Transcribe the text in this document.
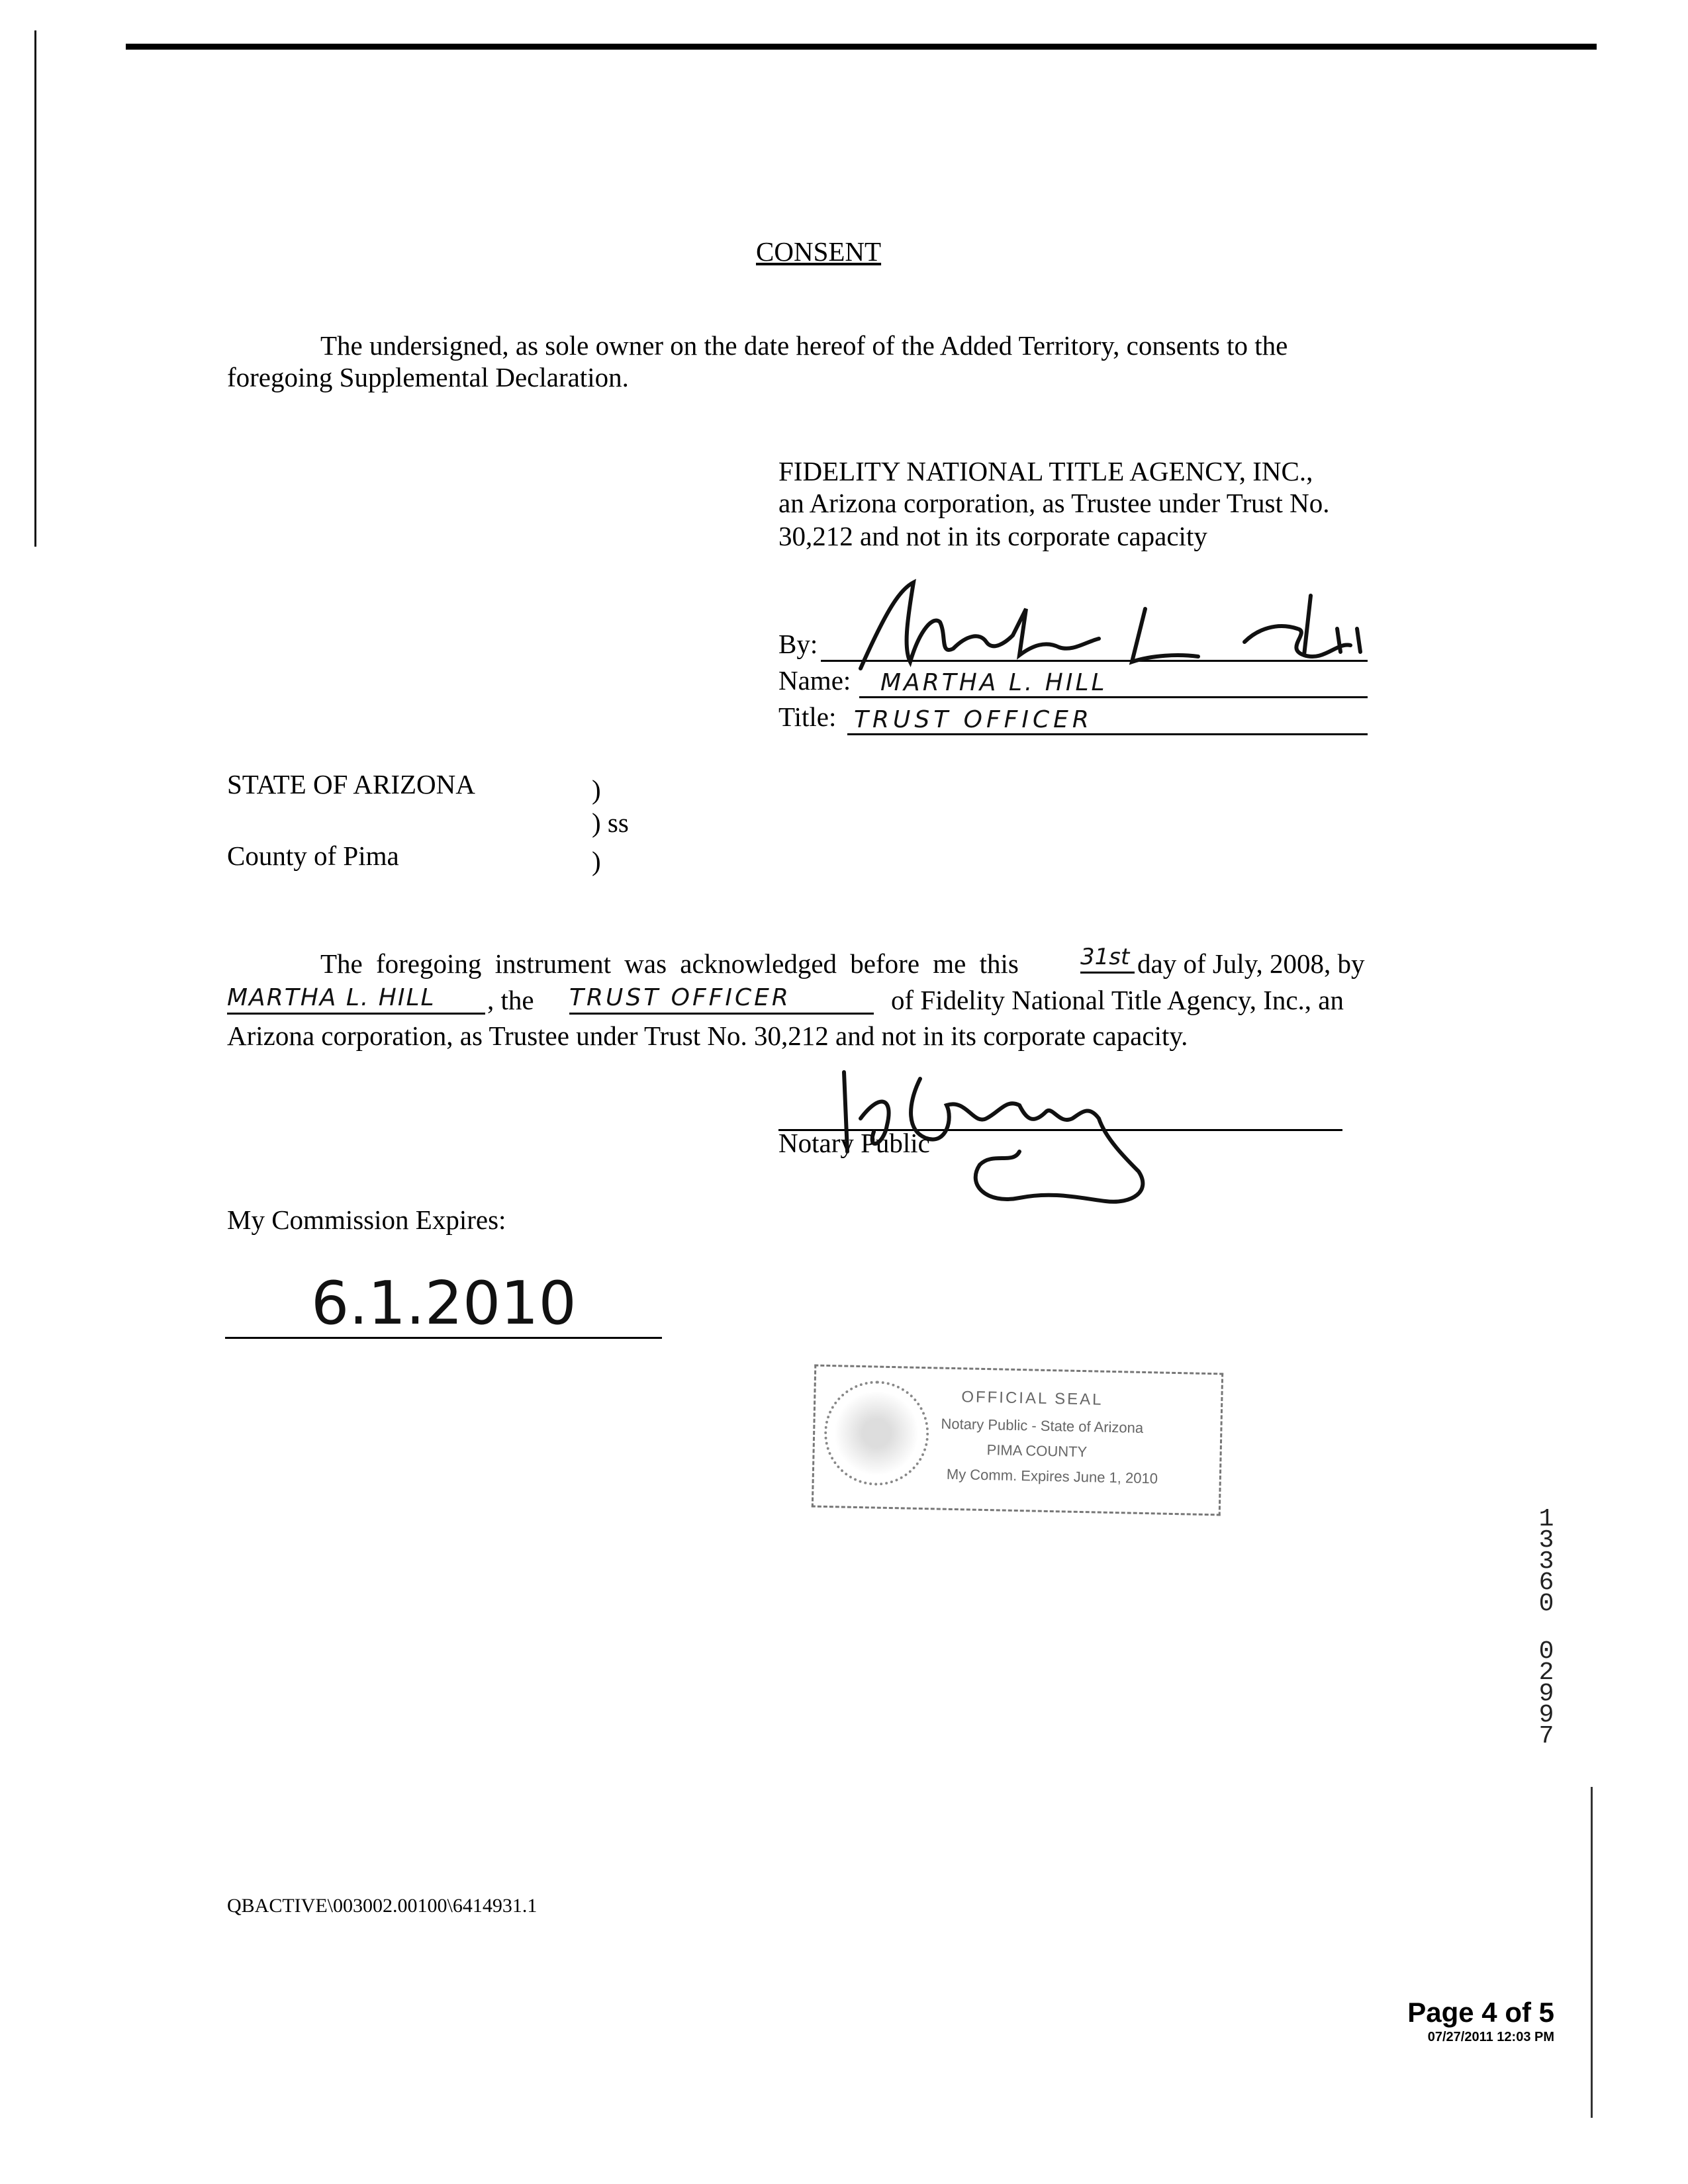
CONSENT
The undersigned, as sole owner on the date hereof of the Added Territory, consents to the
foregoing Supplemental Declaration.
FIDELITY NATIONAL TITLE AGENCY, INC.,
an Arizona corporation, as Trustee under Trust No.
30,212 and not in its corporate capacity
By:
Name: MARTHA L. HILL
Title: TRUST OFFICER
STATE OF ARIZONA	)
) ss
County of Pima	)
The foregoing instrument was acknowledged before me this	31st day of July, 2008, by
MARTHA L. HILL	, the TRUST OFFICER	of Fidelity National Title Agency, Inc., an
Arizona corporation, as Trustee under Trust No. 30,212 and not in its corporate capacity.
Notary Public
My Commission Expires:
6.1.2010
OFFICIAL SEAL
Notary Public - State of Arizona
PIMA COUNTY
My Comm. Expires June 1, 2010
1
3
3
6
0
0
2
9
9
7
QBACTIVE\003002.00100\6414931.1
Page 4 of 5
07/27/2011 12:03 PM
